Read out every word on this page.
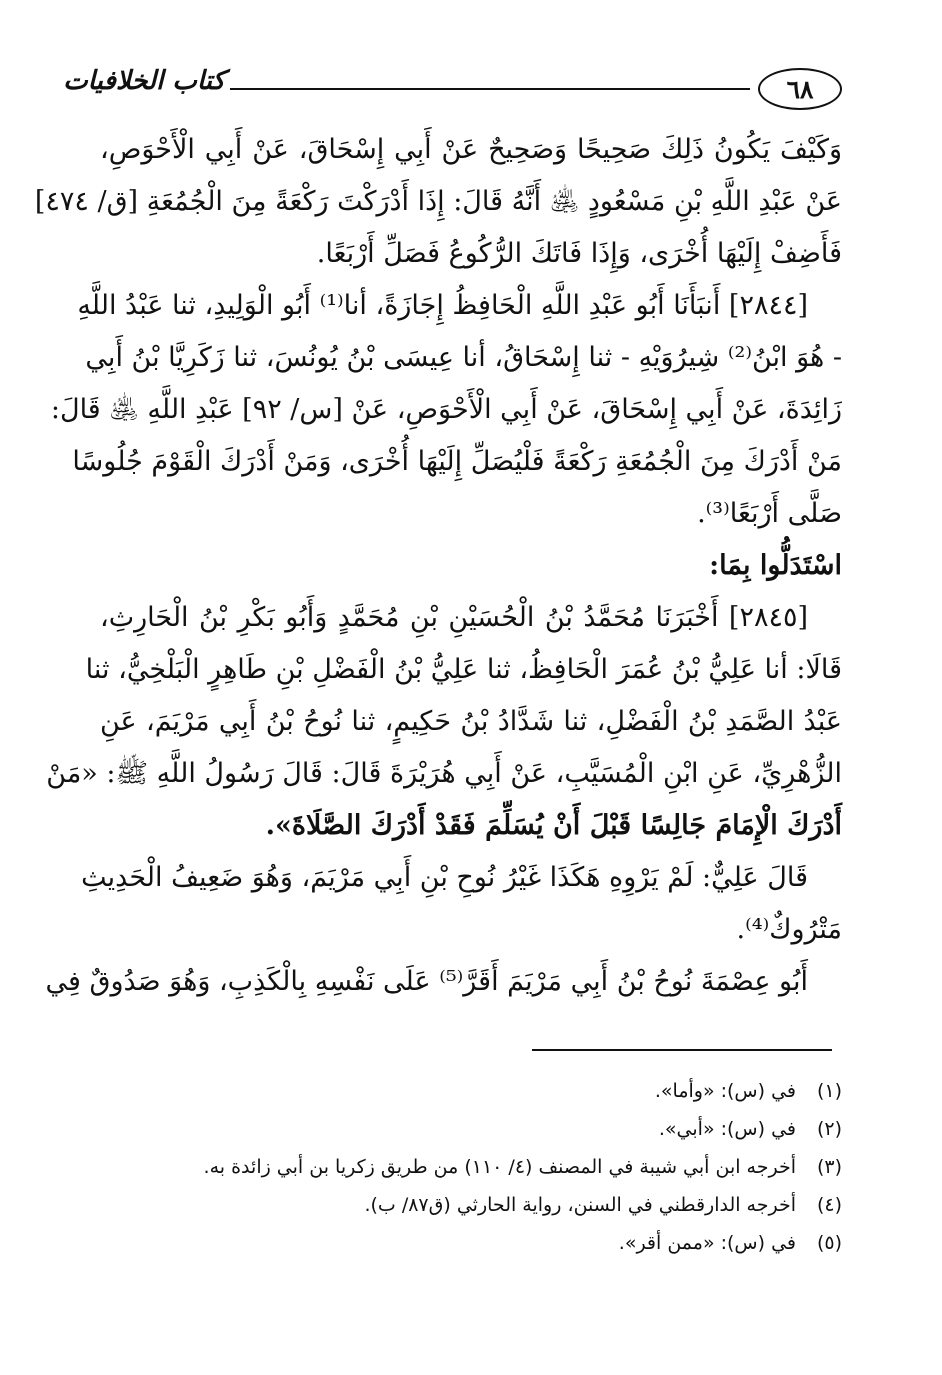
٦٨
كتاب الخلافيات
وَكَيْفَ يَكُونُ ذَلِكَ صَحِيحًا وَصَحِيحٌ عَنْ أَبِي إِسْحَاقَ، عَنْ أَبِي الْأَحْوَصِ،
عَنْ عَبْدِ اللَّهِ بْنِ مَسْعُودٍ ﵁ أَنَّهُ قَالَ: إِذَا أَدْرَكْتَ رَكْعَةً مِنَ الْجُمُعَةِ [ق/ ٤٧٤]
فَأَضِفْ إِلَيْهَا أُخْرَى، وَإِذَا فَاتَكَ الرُّكُوعُ فَصَلِّ أَرْبَعًا.
[٢٨٤٤] أَنبَأَنَا أَبُو عَبْدِ اللَّهِ الْحَافِظُ إِجَازَةً، أنا⁽¹⁾ أَبُو الْوَلِيدِ، ثنا عَبْدُ اللَّهِ
- هُوَ ابْنُ⁽²⁾ شِيرُوَيْهِ - ثنا إِسْحَاقُ، أنا عِيسَى بْنُ يُونُسَ، ثنا زَكَرِيَّا بْنُ أَبِي
زَائِدَةَ، عَنْ أَبِي إِسْحَاقَ، عَنْ أَبِي الْأَحْوَصِ، عَنْ [س/ ٩٢] عَبْدِ اللَّهِ ﵁ قَالَ:
مَنْ أَدْرَكَ مِنَ الْجُمُعَةِ رَكْعَةً فَلْيُصَلِّ إِلَيْهَا أُخْرَى، وَمَنْ أَدْرَكَ الْقَوْمَ جُلُوسًا
صَلَّى أَرْبَعًا⁽³⁾.
اسْتَدَلُّوا بِمَا:
[٢٨٤٥] أَخْبَرَنَا مُحَمَّدُ بْنُ الْحُسَيْنِ بْنِ مُحَمَّدٍ وَأَبُو بَكْرِ بْنُ الْحَارِثِ،
قَالَا: أنا عَلِيُّ بْنُ عُمَرَ الْحَافِظُ، ثنا عَلِيُّ بْنُ الْفَضْلِ بْنِ طَاهِرٍ الْبَلْخِيُّ، ثنا
عَبْدُ الصَّمَدِ بْنُ الْفَضْلِ، ثنا شَدَّادُ بْنُ حَكِيمٍ، ثنا نُوحُ بْنُ أَبِي مَرْيَمَ، عَنِ
الزُّهْرِيِّ، عَنِ ابْنِ الْمُسَيَّبِ، عَنْ أَبِي هُرَيْرَةَ قَالَ: قَالَ رَسُولُ اللَّهِ ﷺ: «مَنْ
أَدْرَكَ الْإِمَامَ جَالِسًا قَبْلَ أَنْ يُسَلِّمَ فَقَدْ أَدْرَكَ الصَّلَاةَ».
قَالَ عَلِيٌّ: لَمْ يَرْوِهِ هَكَذَا غَيْرُ نُوحِ بْنِ أَبِي مَرْيَمَ، وَهُوَ ضَعِيفُ الْحَدِيثِ
مَتْرُوكٌ⁽⁴⁾.
أَبُو عِصْمَةَ نُوحُ بْنُ أَبِي مَرْيَمَ أَقَرَّ⁽⁵⁾ عَلَى نَفْسِهِ بِالْكَذِبِ، وَهُوَ صَدُوقٌ فِي
(١)
في (س): «وأما».
(٢)
في (س): «أبي».
(٣)
أخرجه ابن أبي شيبة في المصنف (٤/ ١١٠) من طريق زكريا بن أبي زائدة به.
(٤)
أخرجه الدارقطني في السنن، رواية الحارثي (ق٨٧/ ب).
(٥)
في (س): «ممن أقر».
